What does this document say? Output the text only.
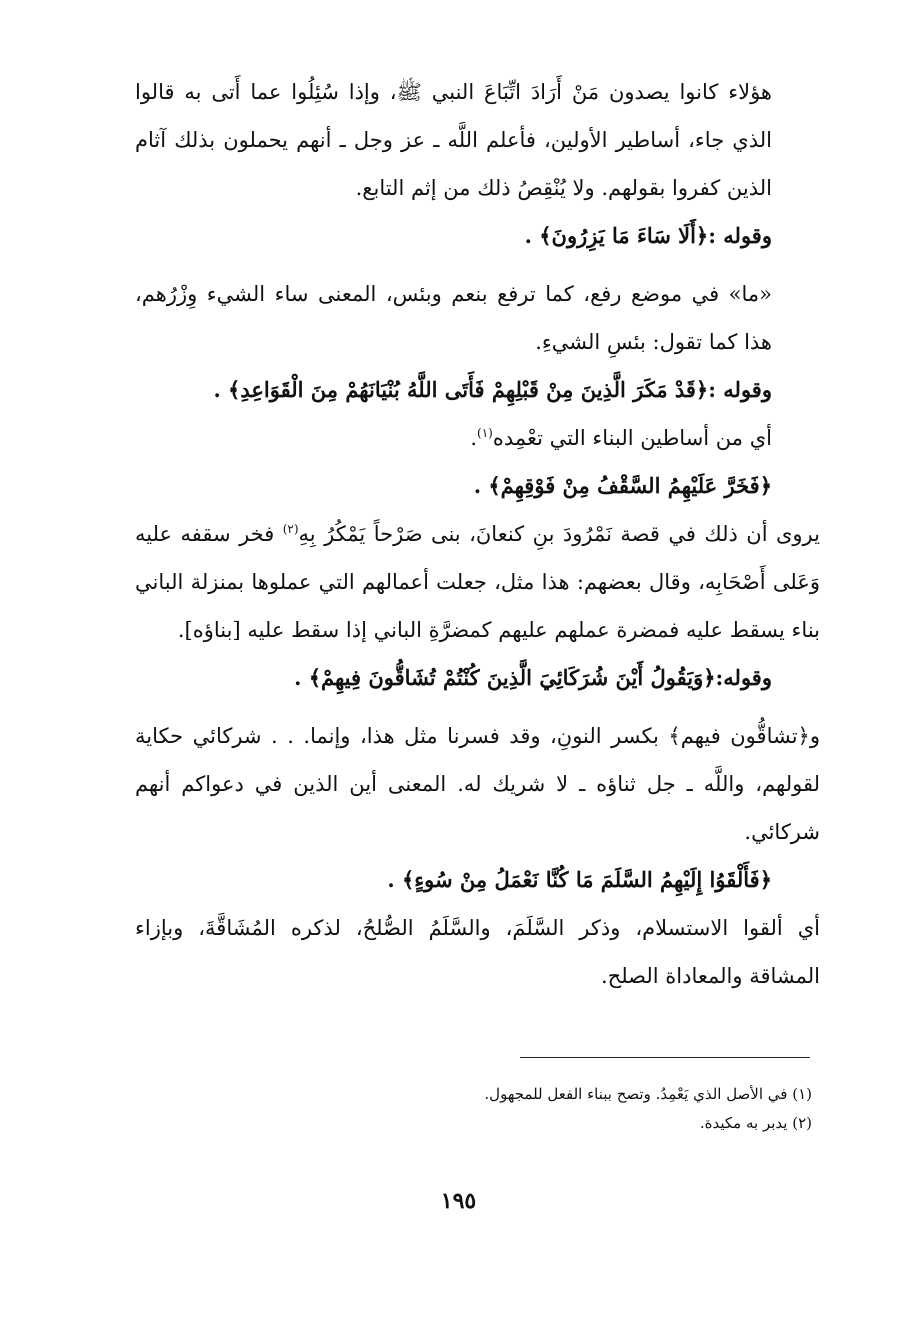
هؤلاء كانوا يصدون مَنْ أَرَادَ اتِّبَاعَ النبي ﷺ، وإذا سُئِلُوا عما أَتى به قالوا الذي جاء، أساطير الأولين، فأعلم اللَّه ـ عز وجل ـ أنهم يحملون بذلك آثام الذين كفروا بقولهم. ولا يُنْقِصُ ذلك من إثم التابع.

وقوله :﴿أَلَا سَاءَ مَا يَزِرُونَ﴾ .

«ما» في موضع رفع، كما ترفع بنعم وبئس، المعنى ساء الشيء وِزْرُهم، هذا كما تقول: بئسِ الشيءِ.

وقوله :﴿قَدْ مَكَرَ الَّذِينَ مِنْ قَبْلِهِمْ فَأَتَى اللَّهُ بُنْيَانَهُمْ مِنَ الْقَوَاعِدِ﴾ .

أي من أساطين البناء التي تعْمِده$^{(١)}$.

﴿فَخَرَّ عَلَيْهِمُ السَّقْفُ مِنْ فَوْقِهِمْ﴾ .

يروى أن ذلك في قصة نَمْرُودَ بنِ كنعانَ، بنى صَرْحاً يَمْكُرُ بِهِ$^{(٢)}$ فخر سقفه عليه وَعَلى أَصْحَابِه، وقال بعضهم: هذا مثل، جعلت أعمالهم التي عملوها بمنزلة الباني بناء يسقط عليه فمضرة عملهم عليهم كمضرَّةِ الباني إذا سقط عليه [بناؤه].

وقوله:﴿وَيَقُولُ أَيْنَ شُرَكَائِيَ الَّذِينَ كُنْتُمْ تُشَاقُّونَ فِيهِمْ﴾ .

و﴿تشاقُّون فيهم﴾ بكسر النونِ، وقد فسرنا مثل هذا، وإنما. . . شركائي حكاية لقولهم، واللَّه ـ جل ثناؤه ـ لا شريك له. المعنى أين الذين في دعواكم أنهم شركائي.

﴿فَأَلْقَوُا إِلَيْهِمُ السَّلَمَ مَا كُنَّا نَعْمَلُ مِنْ سُوءٍ﴾ .

أي ألقوا الاستسلام، وذكر السَّلَمَ، والسَّلَمُ الصُّلحُ، لذكره المُشَاقَّةَ، وبإزاء المشاقة والمعاداة الصلح.

(١) في الأصل الذي يَعْمِدُ. وتصح ببناء الفعل للمجهول.

(٢) يدبر به مكيدة.

١٩٥
